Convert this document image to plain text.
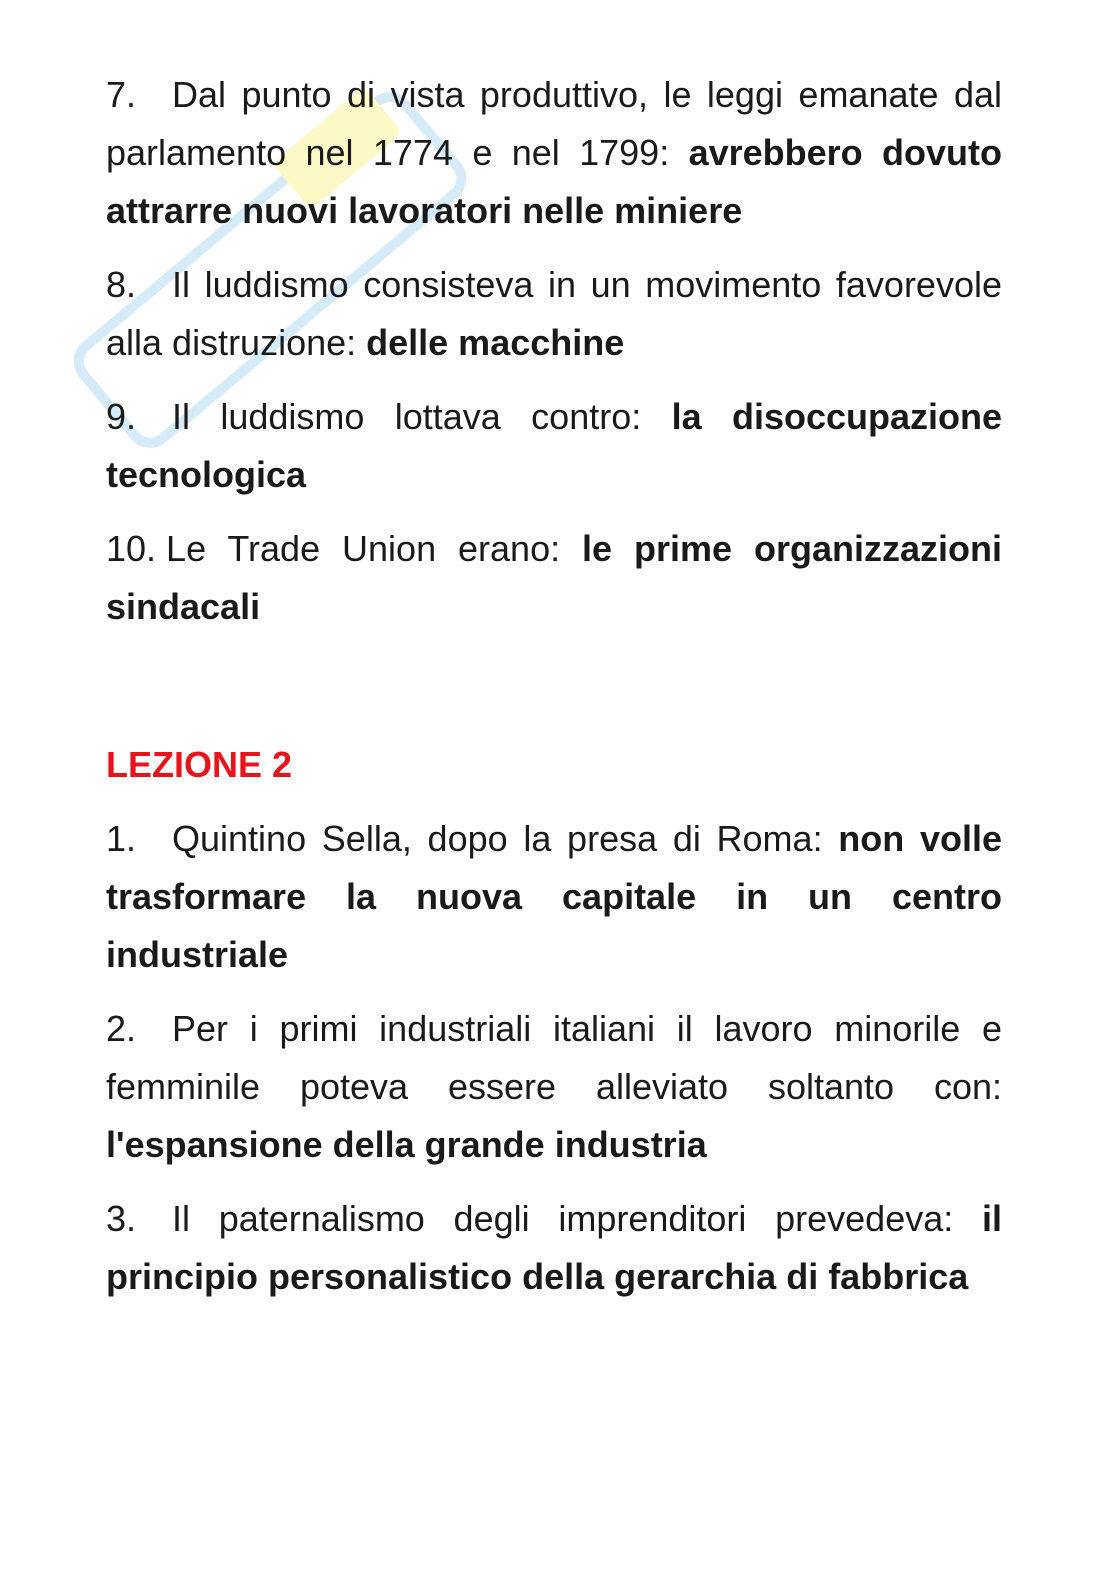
7. Dal punto di vista produttivo, le leggi emanate dal parlamento nel 1774 e nel 1799: avrebbero dovuto attrarre nuovi lavoratori nelle miniere

8. Il luddismo consisteva in un movimento favorevole alla distruzione: delle macchine

9. Il luddismo lottava contro: la disoccupazione tecnologica

10. Le Trade Union erano: le prime organizzazioni sindacali

LEZIONE 2

1. Quintino Sella, dopo la presa di Roma: non volle trasformare la nuova capitale in un centro industriale

2. Per i primi industriali italiani il lavoro minorile e femminile poteva essere alleviato soltanto con: l'espansione della grande industria

3. Il paternalismo degli imprenditori prevedeva: il principio personalistico della gerarchia di fabbrica
